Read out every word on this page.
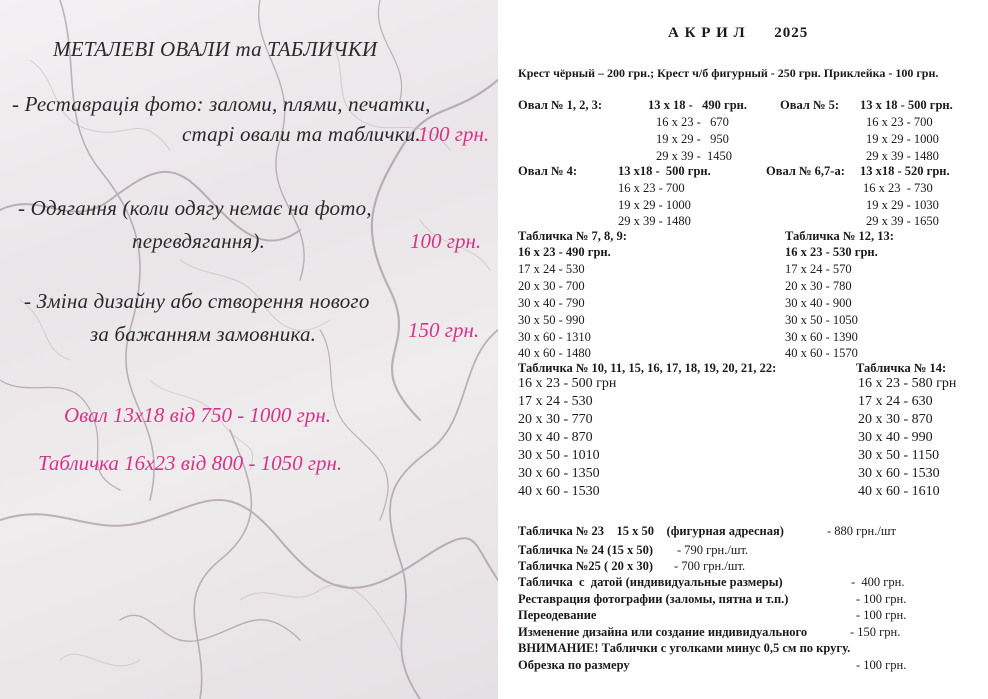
МЕТАЛЕВІ ОВАЛИ та ТАБЛИЧКИ
- Реставрація фото: заломи, плями, печатки,
старі овали та таблички.
100 грн.
- Одягання (коли одягу немає на фото,
перевдягання).	100 грн.
- Зміна дизайну або створення нового
за бажанням замовника.	150 грн.
Овал 13х18 від 750 - 1000 грн.
Табличка 16х23 від 800 - 1050 грн.
А К Р И Л      2025
Крест чёрный – 200 грн.; Крест ч/б фигурный - 250 грн. Приклейка - 100 грн.
Овал № 1, 2, 3:	13 х 18 -   490 грн.
16 х 23 -   670
19 х 29 -   950
29 х 39 -  1450
Овал № 5: 13 х 18 - 500 грн.
16 х 23 - 700
19 х 29 - 1000
29 х 39 - 1480
Овал № 4:	13 х18 -  500 грн.
16 х 23 - 700
19 х 29 - 1000
29 х 39 - 1480
Овал № 6,7-а: 13 х18 - 520 грн.
16 х 23  - 730
19 х 29 - 1030
29 х 39 - 1650
Табличка № 7, 8, 9:
16 х 23 - 490 грн.
17 х 24 - 530
20 х 30 - 700
30 х 40 - 790
30 х 50 - 990
30 х 60 - 1310
40 х 60 - 1480
Табличка № 12, 13:
16 х 23 - 530 грн.
17 х 24 - 570
20 х 30 - 780
30 х 40 - 900
30 х 50 - 1050
30 х 60 - 1390
40 х 60 - 1570
Табличка № 10, 11, 15, 16, 17, 18, 19, 20, 21, 22:
16 х 23 - 500 грн
17 х 24 - 530
20 х 30 - 770
30 х 40 - 870
30 х 50 - 1010
30 х 60 - 1350
40 х 60 - 1530
Табличка № 14:
16 х 23 - 580 грн
17 х 24 - 630
20 х 30 - 870
30 х 40 - 990
30 х 50 - 1150
30 х 60 - 1530
40 х 60 - 1610
Табличка № 23    15 х 50    (фигурная адресная)	- 880 грн./шт
Табличка № 24 (15 х 50) - 790 грн./шт.
Табличка №25 ( 20 х 30) - 700 грн./шт.
Табличка  с  датой (индивидуальные размеры)	-  400 грн.
Реставрация фотографии (заломы, пятна и т.п.)	- 100 грн.
Переодевание	- 100 грн.
Изменение дизайна или создание индивидуального	- 150 грн.
ВНИМАНИЕ! Таблички с уголками минус 0,5 см по кругу.
Обрезка по размеру	- 100 грн.
